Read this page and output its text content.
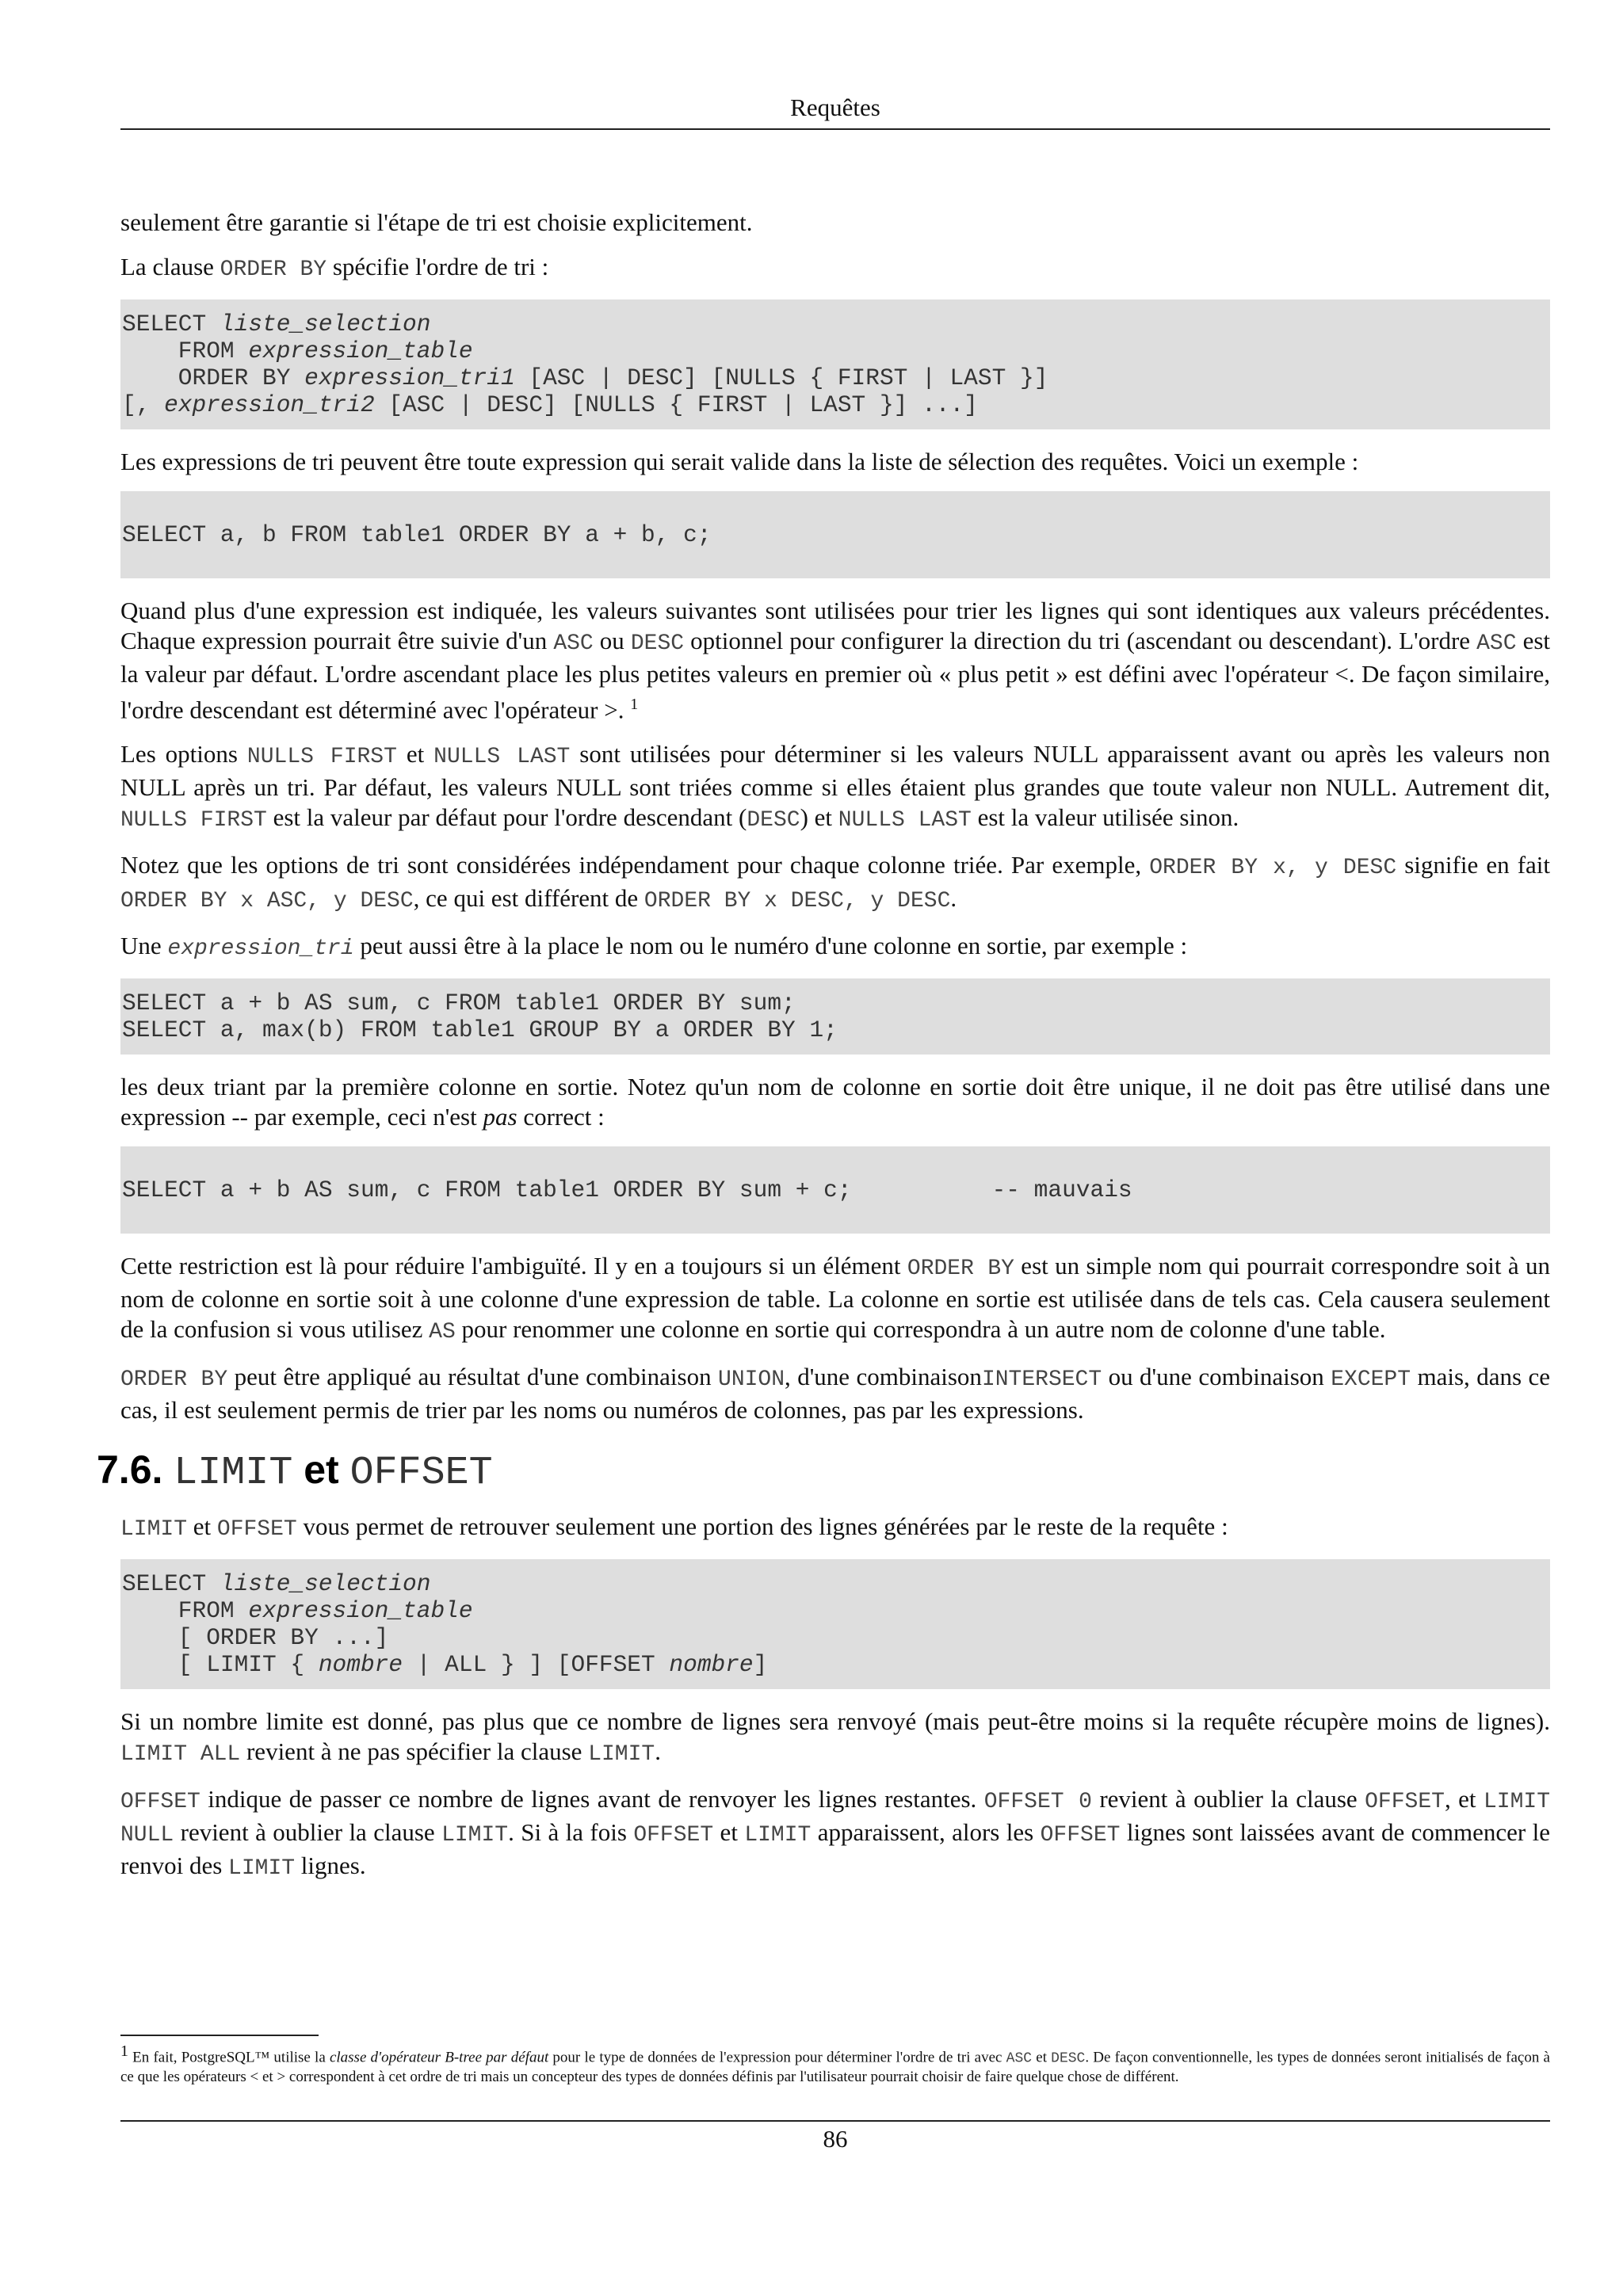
Requêtes

seulement être garantie si l'étape de tri est choisie explicitement.

La clause ORDER BY spécifie l'ordre de tri :

SELECT liste_selection
FROM expression_table
ORDER BY expression_tri1 [ASC | DESC] [NULLS { FIRST | LAST }]
[, expression_tri2 [ASC | DESC] [NULLS { FIRST | LAST }] ...]

Les expressions de tri peuvent être toute expression qui serait valide dans la liste de sélection des requêtes. Voici un exemple :

SELECT a, b FROM table1 ORDER BY a + b, c;

Quand plus d'une expression est indiquée, les valeurs suivantes sont utilisées pour trier les lignes qui sont identiques aux valeurs précédentes. Chaque expression pourrait être suivie d'un ASC ou DESC optionnel pour configurer la direction du tri (ascendant ou descendant). L'ordre ASC est la valeur par défaut. L'ordre ascendant place les plus petites valeurs en premier où « plus petit » est défini avec l'opérateur <. De façon similaire, l'ordre descendant est déterminé avec l'opérateur >. $^1$

Les options NULLS FIRST et NULLS LAST sont utilisées pour déterminer si les valeurs NULL apparaissent avant ou après les valeurs non NULL après un tri. Par défaut, les valeurs NULL sont triées comme si elles étaient plus grandes que toute valeur non NULL. Autrement dit, NULLS FIRST est la valeur par défaut pour l'ordre descendant (DESC) et NULLS LAST est la valeur utilisée sinon.

Notez que les options de tri sont considérées indépendament pour chaque colonne triée. Par exemple, ORDER BY x, y DESC signifie en fait ORDER BY x ASC, y DESC, ce qui est différent de ORDER BY x DESC, y DESC.

Une expression_tri peut aussi être à la place le nom ou le numéro d'une colonne en sortie, par exemple :

SELECT a + b AS sum, c FROM table1 ORDER BY sum;
SELECT a, max(b) FROM table1 GROUP BY a ORDER BY 1;

les deux triant par la première colonne en sortie. Notez qu'un nom de colonne en sortie doit être unique, il ne doit pas être utilisé dans une expression -- par exemple, ceci n'est pas correct :

SELECT a + b AS sum, c FROM table1 ORDER BY sum + c;          -- mauvais

Cette restriction est là pour réduire l'ambiguïté. Il y en a toujours si un élément ORDER BY est un simple nom qui pourrait correspondre soit à un nom de colonne en sortie soit à une colonne d'une expression de table. La colonne en sortie est utilisée dans de tels cas. Cela causera seulement de la confusion si vous utilisez AS pour renommer une colonne en sortie qui correspondra à un autre nom de colonne d'une table.

ORDER BY peut être appliqué au résultat d'une combinaison UNION, d'une combinaisonINTERSECT ou d'une combinaison EXCEPT mais, dans ce cas, il est seulement permis de trier par les noms ou numéros de colonnes, pas par les expressions.

7.6. LIMIT et OFFSET

LIMIT et OFFSET vous permet de retrouver seulement une portion des lignes générées par le reste de la requête :

SELECT liste_selection
FROM expression_table
[ ORDER BY ...]
[ LIMIT { nombre | ALL } ] [OFFSET nombre]

Si un nombre limite est donné, pas plus que ce nombre de lignes sera renvoyé (mais peut-être moins si la requête récupère moins de lignes). LIMIT ALL revient à ne pas spécifier la clause LIMIT.

OFFSET indique de passer ce nombre de lignes avant de renvoyer les lignes restantes. OFFSET 0 revient à oublier la clause OFFSET, et LIMIT NULL revient à oublier la clause LIMIT. Si à la fois OFFSET et LIMIT apparaissent, alors les OFFSET lignes sont laissées avant de commencer le renvoi des LIMIT lignes.

$^1$ En fait, PostgreSQL™ utilise la classe d'opérateur B-tree par défaut pour le type de données de l'expression pour déterminer l'ordre de tri avec ASC et DESC. De façon conventionnelle, les types de données seront initialisés de façon à ce que les opérateurs < et > correspondent à cet ordre de tri mais un concepteur des types de données définis par l'utilisateur pourrait choisir de faire quelque chose de différent.
86
